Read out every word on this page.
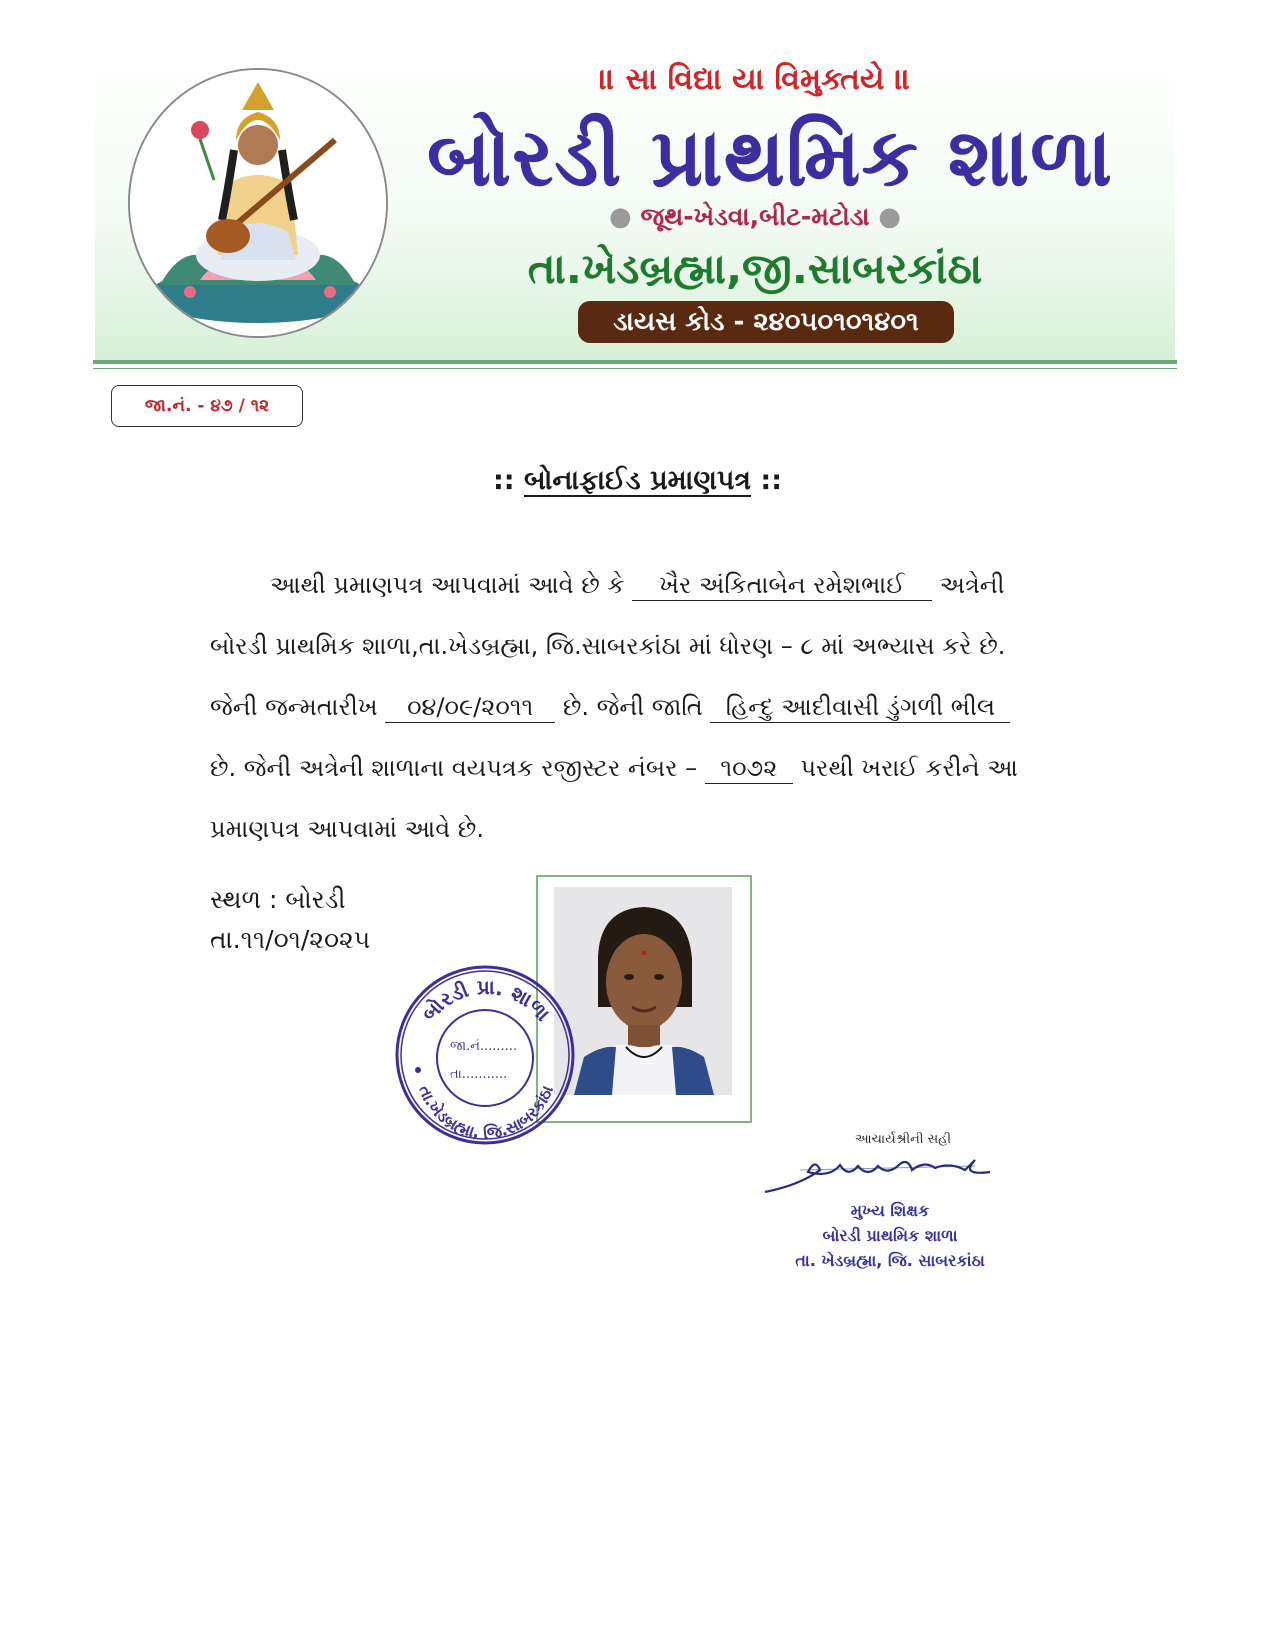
॥ સા વિદ્યા યા વિમુક્તયે ॥
બોરડી પ્રાથમિક શાળા
● જૂથ-ખેડવા,બીટ-મટોડા ●
તા.ખેડબ્રહ્મા,જી.સાબરકાંઠા
ડાયસ કોડ - ૨૪૦૫૦૧૦૧૪૦૧
જા.નં. - ૪૭ / ૧૨
:: બોનાફાઈડ પ્રમાણપત્ર ::

આથી પ્રમાણપત્ર આપવામાં આવે છે કે ખૈર અંકિતાબેન રમેશભાઈ અત્રેની

બોરડી પ્રાથમિક શાળા,તા.ખેડબ્રહ્મા, જિ.સાબરકાંઠા માં ધોરણ – ૮ માં અભ્યાસ કરે છે.

જેની જન્મતારીખ ૦૪/૦૯/૨૦૧૧ છે. જેની જાતિ હિન્દુ આદીવાસી ડુંગળી ભીલ

છે. જેની અત્રેની શાળાના વયપત્રક રજીસ્ટર નંબર – ૧૦૭૨ પરથી ખરાઈ કરીને આ

પ્રમાણપત્ર આપવામાં આવે છે.

સ્થળ : બોરડી
તા.૧૧/૦૧/૨૦૨૫
બોરડી પ્રા. શાળા
તા.ખેડબ્રહ્મા, જિ.સાબરકાંઠા
જા.નં.........
તા...........
આચાર્યશ્રીની સહી
મુખ્ય શિક્ષક
બોરડી પ્રાથમિક શાળા
તા. ખેડબ્રહ્મા, જિ. સાબરકાંઠા
